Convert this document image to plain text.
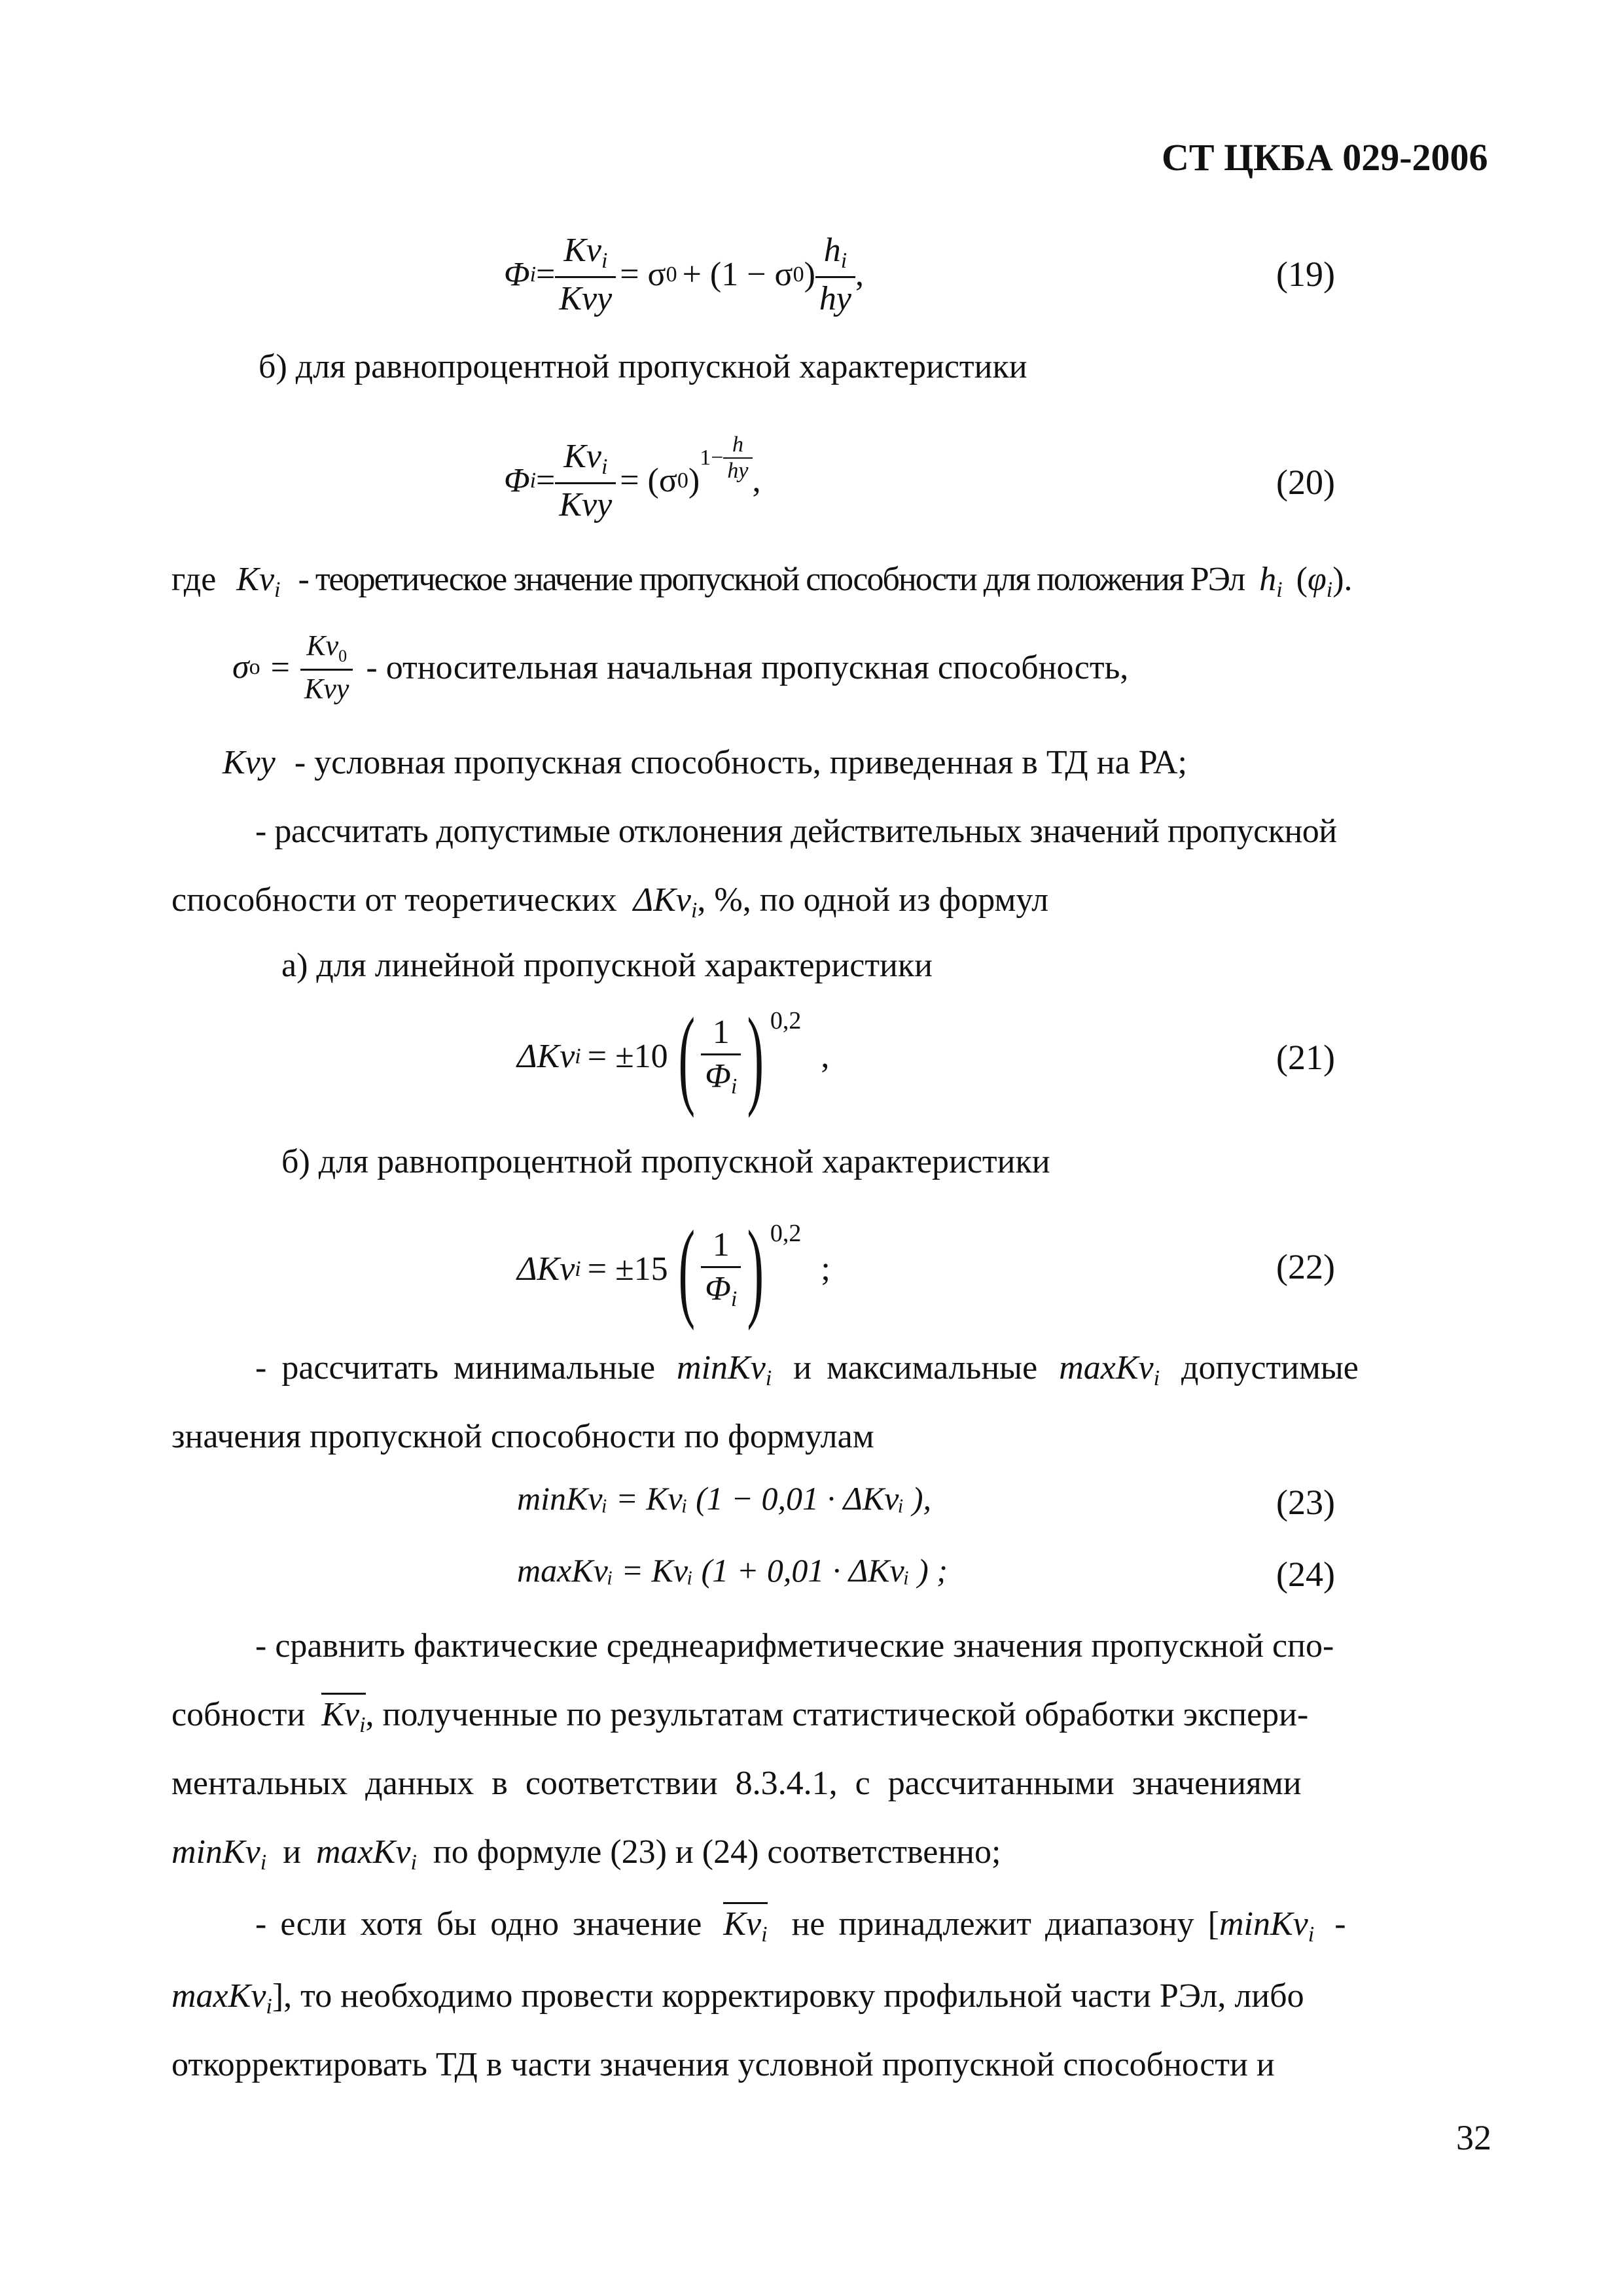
СТ ЦКБА 029-2006
Φ $i = \frac{Kv_i}{\text{Kvy}} = \sigma$ 0 + (1 − σ 0 ) $\frac{h_i}{hy}$ ,	(19)
б) для равнопроцентной пропускной характеристики
Φ $i = \frac{Kv_i}{\text{Kvy}} = (\sigma$ 0 )
$1- \frac{h}{hy}$ ,	(20)
где $Kv_i$ - теоретическое значение пропускной способности для положения РЭл $h_i$ $(\varphi_i)$.
σ $o = \frac{Kv_0}{\text{Kvy}}$ - относительная начальная пропускная способность,
Kvy - условная пропускная способность, приведенная в ТД на РА;
- рассчитать допустимые отклонения действительных значений пропускной
способности от теоретических ΔKv$_i$, %, по одной из формул
а) для линейной пропускной характеристики
ΔKv i = ±10 ( $\frac{1}{\Phi_i}$ ) 0,2
,	(21)
б) для равнопроцентной пропускной характеристики
ΔKv i = ±15 ( $\frac{1}{\Phi_i}$ ) 0,2
;	(22)
- рассчитать минимальные minKv$_i$ и максимальные maxKv$_i$ допустимые
значения пропускной способности по формулам
minKvᵢ = Kvᵢ (1 − 0,01 · ΔKvᵢ ),	(23)
maxKvᵢ = Kvᵢ (1 + 0,01 · ΔKvᵢ ) ;	(24)
- сравнить фактические среднеарифметические значения пропускной спо-
собности $Kv_i$, полученные по результатам статистической обработки экспери-
ментальных данных в соответствии 8.3.4.1, с рассчитанными значениями
minKv$_i$ и maxKv$_i$ по формуле (23) и (24) соответственно;
- если хотя бы одно значение $Kv_i$ не принадлежит диапазону [minKv$_i$ -
maxKv$_i$], то необходимо провести корректировку профильной части РЭл, либо
откорректировать ТД в части значения условной пропускной способности и
32
